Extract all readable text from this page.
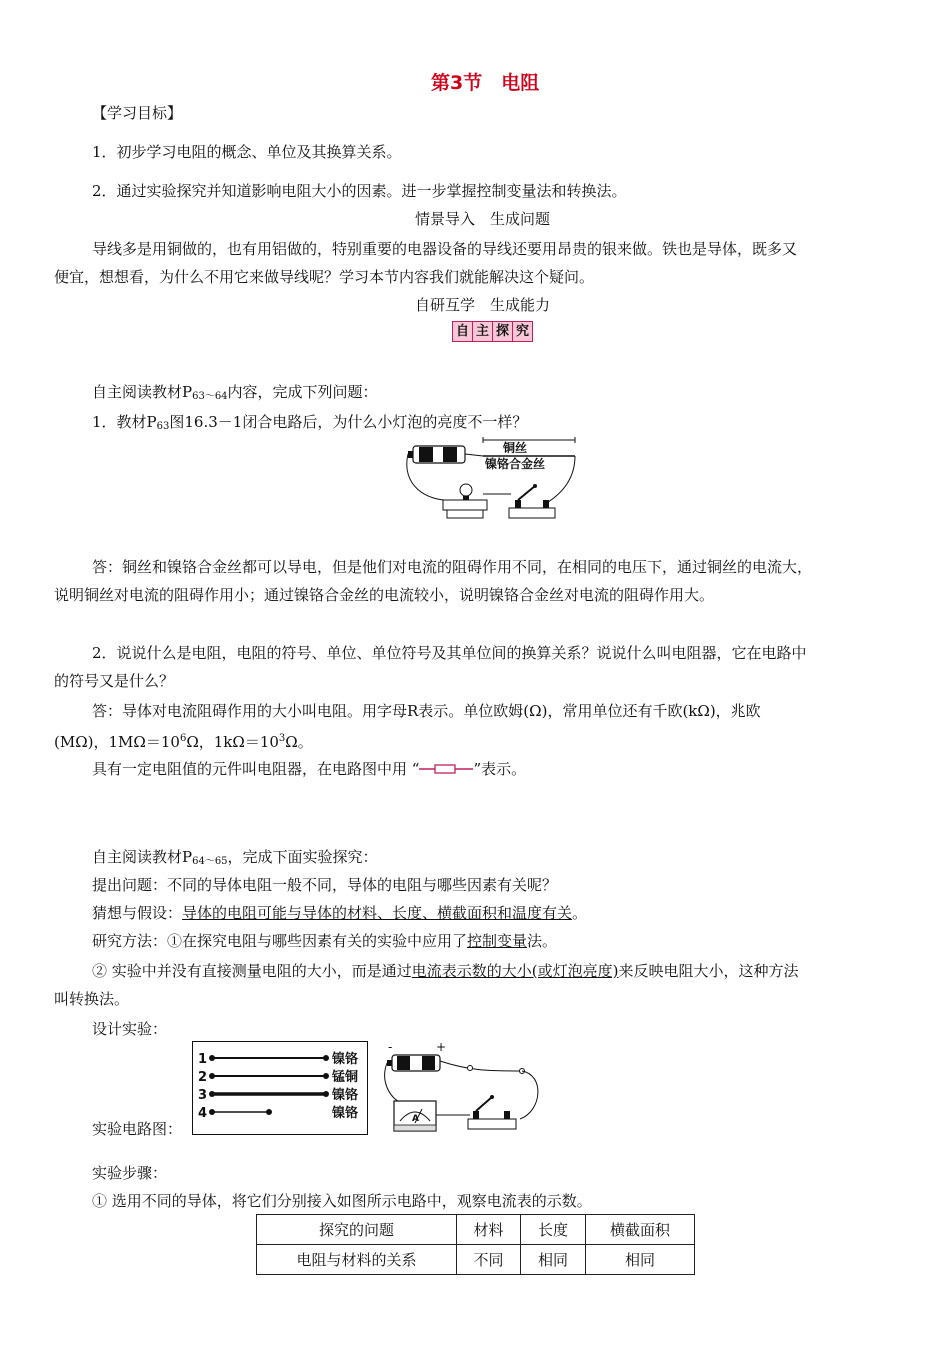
第3节　电阻
【学习目标】
1．初步学习电阻的概念、单位及其换算关系。
2．通过实验探究并知道影响电阻大小的因素。进一步掌握控制变量法和转换法。
情景导入　生成问题
导线多是用铜做的，也有用铝做的，特别重要的电器设备的导线还要用昂贵的银来做。铁也是导体，既多又
便宜，想想看，为什么不用它来做导线呢？学习本节内容我们就能解决这个疑问。
自研互学　生成能力
自 主 探 究
自主阅读教材$P_{63\sim 64}$内容，完成下列问题：
1．教材$P_{63}$图16.3－1闭合电路后，为什么小灯泡的亮度不一样？
铜丝
镍铬合金丝
答：铜丝和镍铬合金丝都可以导电，但是他们对电流的阻碍作用不同，在相同的电压下，通过铜丝的电流大，
说明铜丝对电流的阻碍作用小；通过镍铬合金丝的电流较小，说明镍铬合金丝对电流的阻碍作用大。
2．说说什么是电阻，电阻的符号、单位、单位符号及其单位间的换算关系？说说什么叫电阻器，它在电路中
的符号又是什么？
答：导体对电流阻碍作用的大小叫电阻。用字母R表示。单位欧姆(Ω)，常用单位还有千欧(kΩ)，兆欧
(MΩ)，$1M\Omega=10^6\Omega$，$1k\Omega=10^3\Omega$。
具有一定电阻值的元件叫电阻器，在电路图中用 “	”表示。
自主阅读教材$P_{64\sim 65}$，完成下面实验探究：
提出问题：不同的导体电阻一般不同，导体的电阻与哪些因素有关呢？
猜想与假设：导体的电阻可能与导体的材料、长度、横截面积和温度有关。
研究方法：①在探究电阻与哪些因素有关的实验中应用了控制变量法。
② 实验中并没有直接测量电阻的大小，而是通过电流表示数的大小(或灯泡亮度)来反映电阻大小，这种方法
叫转换法。
设计实验：
1	镍铬
2	锰铜
3	镍铬
4	镍铬
实验电路图：
-	+
A
实验步骤：
① 选用不同的导体，将它们分别接入如图所示电路中，观察电流表的示数。
探究的问题	材料	长度	横截面积
电阻与材料的关系	不同	相同	相同
